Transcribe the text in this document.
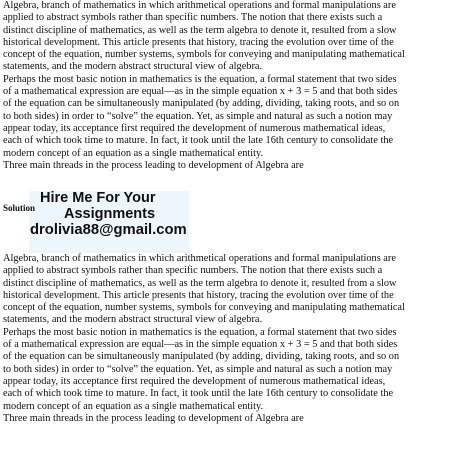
Algebra, branch of mathematics in which arithmetical operations and formal manipulations are
applied to abstract symbols rather than specific numbers. The notion that there exists such a
distinct discipline of mathematics, as well as the term algebra to denote it, resulted from a slow
historical development. This article presents that history, tracing the evolution over time of the
concept of the equation, number systems, symbols for conveying and manipulating mathematical
statements, and the modern abstract structural view of algebra.
Perhaps the most basic notion in mathematics is the equation, a formal statement that two sides
of a mathematical expression are equal—as in the simple equation x + 3 = 5 and that both sides
of the equation can be simultaneously manipulated (by adding, dividing, taking roots, and so on
to both sides) in order to “solve” the equation. Yet, as simple and natural as such a notion may
appear today, its acceptance first required the development of numerous mathematical ideas,
each of which took time to mature. In fact, it took until the late 16th century to consolidate the
modern concept of an equation as a single mathematical entity.
Three main threads in the process leading to development of Algebra are
Hire Me For Your
Solution Assignments
drolivia88@gmail.com
Algebra, branch of mathematics in which arithmetical operations and formal manipulations are
applied to abstract symbols rather than specific numbers. The notion that there exists such a
distinct discipline of mathematics, as well as the term algebra to denote it, resulted from a slow
historical development. This article presents that history, tracing the evolution over time of the
concept of the equation, number systems, symbols for conveying and manipulating mathematical
statements, and the modern abstract structural view of algebra.
Perhaps the most basic notion in mathematics is the equation, a formal statement that two sides
of a mathematical expression are equal—as in the simple equation x + 3 = 5 and that both sides
of the equation can be simultaneously manipulated (by adding, dividing, taking roots, and so on
to both sides) in order to “solve” the equation. Yet, as simple and natural as such a notion may
appear today, its acceptance first required the development of numerous mathematical ideas,
each of which took time to mature. In fact, it took until the late 16th century to consolidate the
modern concept of an equation as a single mathematical entity.
Three main threads in the process leading to development of Algebra are
